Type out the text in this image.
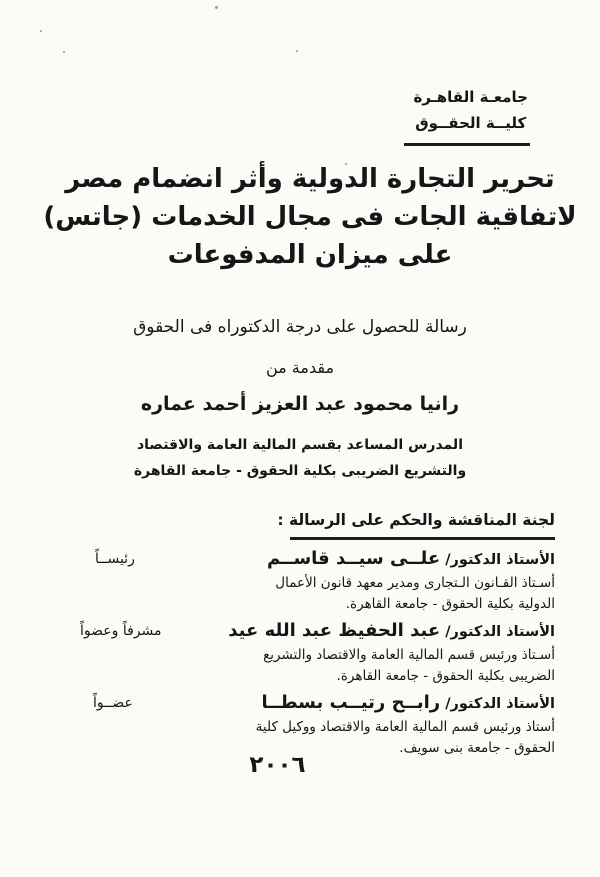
جامعـة القاهـرة
كليــة الحقــوق
تحرير التجارة الدولية وأثر انضمام مصر
لاتفاقية الجات فى مجال الخدمات (جاتس)
على ميزان المدفوعات
رسالة للحصول على درجة الدكتوراه فى الحقوق
مقدمة من
رانيا محمود عبد العزيز أحمد عماره
المدرس المساعد بقسم المالية العامة والاقتصاد
والتشريع الضريبى بكلية الحقوق - جامعة القاهرة
لجنة المناقشة والحكم على الرسالة :
الأستاذ الدكتور/ علــى سيــد قاســم
رئيســاً
أسـتاذ القـانون الـتجارى ومدير معهد قانون الأعمال
الدولية بكلية الحقوق - جامعة القاهرة.
الأستاذ الدكتور/ عبد الحفيظ عبد الله عيد
مشرفاً وعضواً
أسـتاذ ورئيس قسم المالية العامة والاقتصاد والتشريع
الضريبى بكلية الحقوق - جامعة القاهرة.
الأستاذ الدكتور/ رابــح رتيــب بسطــا
عضــواً
أستاذ ورئيس قسم المالية العامة والاقتصاد ووكيل كلية
الحقوق - جامعة بنى سويف.
٢٠٠٦
